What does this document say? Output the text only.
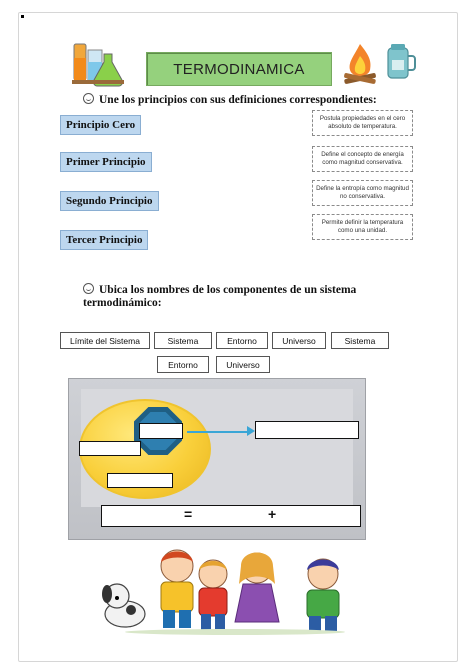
TERMODINAMICA
Une los principios con sus definiciones correspondientes:
Principio Cero
Primer Principio
Segundo Principio
Tercer Principio
Postula propiedades en el cero absoluto de temperatura.
Define el concepto de energía como magnitud conservativa.
Define la entropía como magnitud no conservativa.
Permite definir la temperatura como una unidad.
Ubica los nombres de los componentes de un sistema termodinámico:
Límite del Sistema	Sistema	Entorno	Universo	Sistema
Entorno	Universo
=	+
